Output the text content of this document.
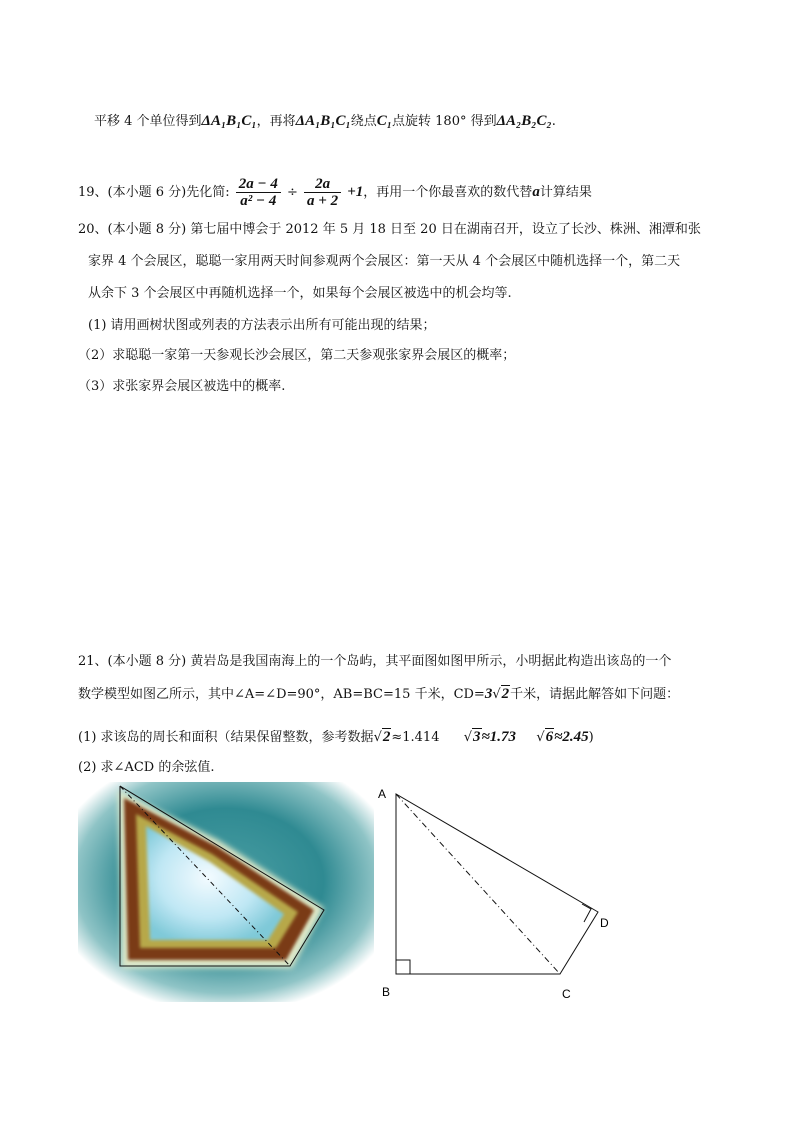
平移 4 个单位得到ΔA₁B₁C₁，再将ΔA₁B₁C₁绕点C₁点旋转 180° 得到ΔA₂B₂C₂.
19、(本小题 6 分)先化简: $\frac{2a - 4}{\text{a² − 4}} \div \frac{2a}{a + 2} +1$，再用一个你最喜欢的数代替a计算结果
20、(本小题 8 分) 第七届中博会于 2012 年 5 月 18 日至 20 日在湖南召开，设立了长沙、株洲、湘潭和张
家界 4 个会展区，聪聪一家用两天时间参观两个会展区：第一天从 4 个会展区中随机选择一个，第二天
从余下 3 个会展区中再随机选择一个，如果每个会展区被选中的机会均等.
(1) 请用画树状图或列表的方法表示出所有可能出现的结果；
（2）求聪聪一家第一天参观长沙会展区，第二天参观张家界会展区的概率；
（3）求张家界会展区被选中的概率.
21、(本小题 8 分) 黄岩岛是我国南海上的一个岛屿，其平面图如图甲所示，小明据此构造出该岛的一个
数学模型如图乙所示，其中∠A=∠D=90°，AB=BC=15 千米，CD=3√2千米，请据此解答如下问题：
(1) 求该岛的周长和面积（结果保留整数，参考数据√2≈1.414 √3≈1.73 √6≈2.45)
(2) 求∠ACD 的余弦值.
A
B	C
D
